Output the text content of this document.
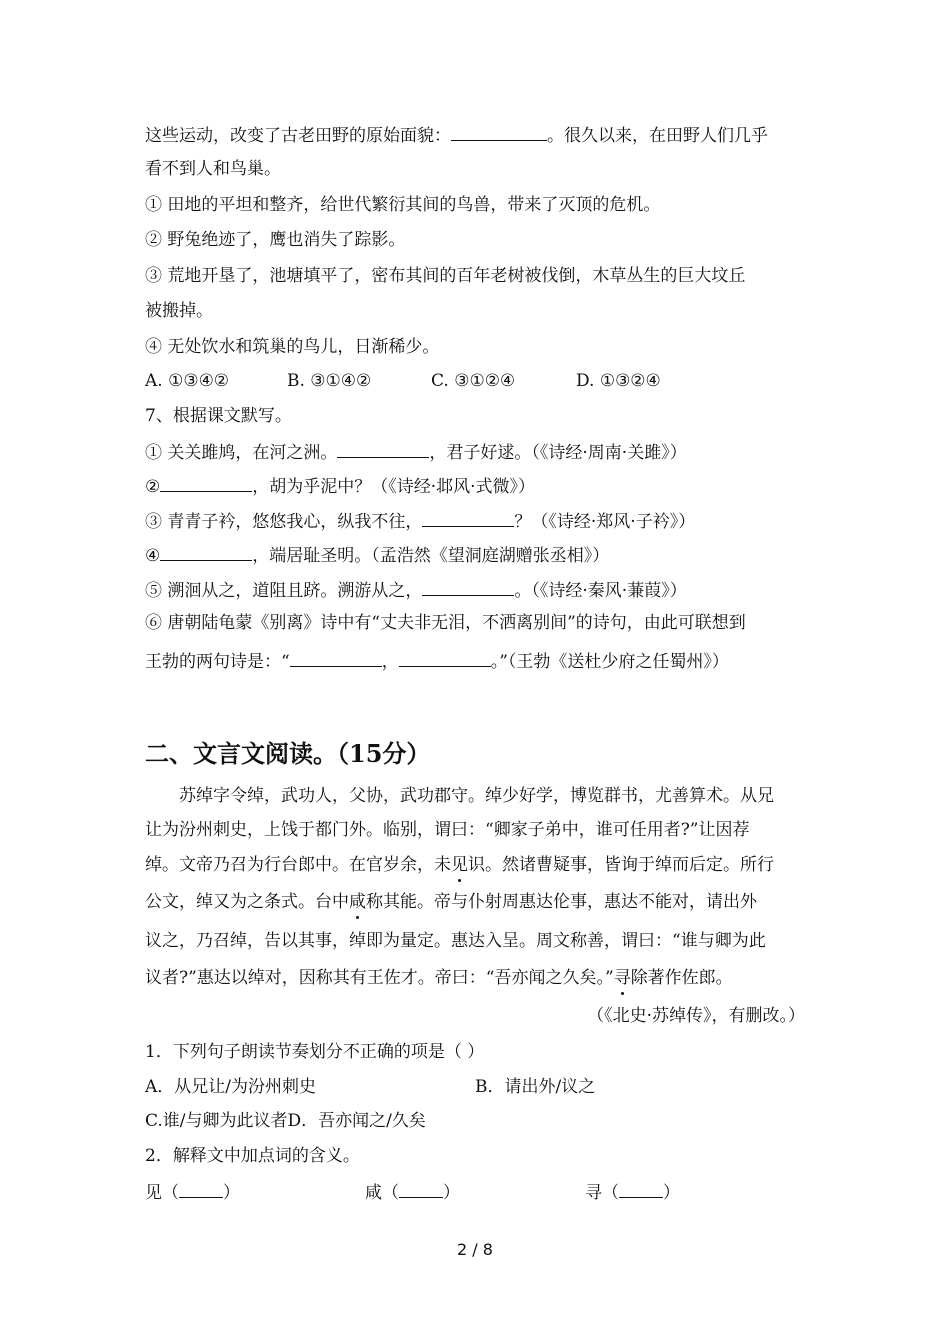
这些运动，改变了古老田野的原始面貌：	。很久以来，在田野人们几乎
看不到人和鸟巢。
① 田地的平坦和整齐，给世代繁衍其间的鸟兽，带来了灭顶的危机。
② 野兔绝迹了，鹰也消失了踪影。
③ 荒地开垦了，池塘填平了，密布其间的百年老树被伐倒，木草丛生的巨大坟丘
被搬掉。
④ 无处饮水和筑巢的鸟儿，日渐稀少。
A. ①③④②	B. ③①④②	C. ③①②④	D. ①③②④
7、根据课文默写。
① 关关雎鸠，在河之洲。	，君子好逑。（《诗经·周南·关雎》）
②	，胡为乎泥中？（《诗经·邶风·式微》）
③ 青青子衿，悠悠我心，纵我不往，	？（《诗经·郑风·子衿》）
④	，端居耻圣明。（孟浩然《望洞庭湖赠张丞相》）
⑤ 溯洄从之，道阻且跻。溯游从之，	。（《诗经·秦风·蒹葭》）
⑥ 唐朝陆龟蒙《别离》诗中有“丈夫非无泪，不洒离别间”的诗句，由此可联想到
王勃的两句诗是：“	，	。”（王勃《送杜少府之任蜀州》）
二、文言文阅读。（15分）
苏绰字令绰，武功人，父协，武功郡守。绰少好学，博览群书，尤善算术。从兄
让为汾州刺史，上饯于都门外。临别，谓曰：“卿家子弟中，谁可任用者?”让因荐
绰。文帝乃召为行台郎中。在官岁余，未见识。然诸曹疑事，皆询于绰而后定。所行
公文，绰又为之条式。台中咸称其能。帝与仆射周惠达伦事，惠达不能对，请出外
议之，乃召绰，告以其事，绰即为量定。惠达入呈。周文称善，谓曰：“谁与卿为此
议者?”惠达以绰对，因称其有王佐才。帝曰：“吾亦闻之久矣。”寻除著作佐郎。
（《北史·苏绰传》，有删改。）
1．下列句子朗读节奏划分不正确的项是（ ）
A．从兄让/为汾州刺史	B．请出外/议之
C.谁/与卿为此议者D．吾亦闻之/久矣
2．解释文中加点词的含义。
见（	）	咸（	）	寻（	）
2 / 8
